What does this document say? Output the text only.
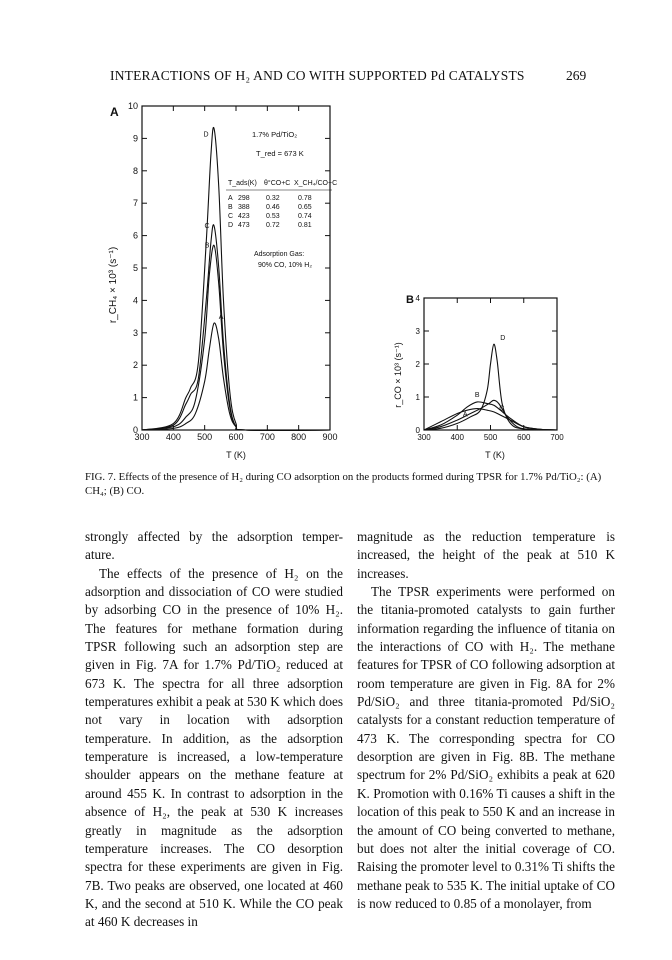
INTERACTIONS OF H₂ AND CO WITH SUPPORTED Pd CATALYSTS	269
A
300 400 500 600 700 800 900
0
1
2
3
4
5
6
7
8
9
10
A
B
C
D
T (K)
r_CH₄ × 10³ (s⁻¹)
1.7% Pd/TiO₂
T_red = 673 K
T_ads(K) θ°CO+C X_CH₄/CO+C
A 298 0.32	0.78
B 388 0.46	0.65
C 423 0.53	0.74
D 473 0.72	0.81
Adsorption Gas:
90% CO, 10% H₂
B
300 400 500 600 700
0
1
2
3
4
A
B
C
D
T (K)
r_CO × 10³ (s⁻¹)
FIG. 7. Effects of the presence of H₂ during CO adsorption on the products formed during TPSR for 1.7% Pd/TiO₂: (A) CH₄; (B) CO.

strongly affected by the adsorption temper- ature.

The effects of the presence of H₂ on the adsorption and dissociation of CO were studied by adsorbing CO in the presence of 10% H₂. The features for methane formation during TPSR following such an adsorption step are given in Fig. 7A for 1.7% Pd/TiO₂ reduced at 673 K. The spectra for all three adsorption temperatures exhibit a peak at 530 K which does not vary in location with adsorption temperature. In addition, as the adsorption temperature is increased, a low-temperature shoulder appears on the methane feature at around 455 K. In contrast to adsorption in the absence of H₂, the peak at 530 K increases greatly in magnitude as the adsorption temperature increases. The CO desorption spectra for these experiments are given in Fig. 7B. Two peaks are observed, one located at 460 K, and the second at 510 K. While the CO peak at 460 K decreases in

magnitude as the reduction temperature is increased, the height of the peak at 510 K increases.

The TPSR experiments were performed on the titania-promoted catalysts to gain further information regarding the influence of titania on the interactions of CO with H₂. The methane features for TPSR of CO following adsorption at room temperature are given in Fig. 8A for 2% Pd/SiO₂ and three titania-promoted Pd/SiO₂ catalysts for a constant reduction temperature of 473 K. The corresponding spectra for CO desorption are given in Fig. 8B. The methane spectrum for 2% Pd/SiO₂ exhibits a peak at 620 K. Promotion with 0.16% Ti causes a shift in the location of this peak to 550 K and an increase in the amount of CO being converted to methane, but does not alter the initial coverage of CO. Raising the promoter level to 0.31% Ti shifts the methane peak to 535 K. The initial uptake of CO is now reduced to 0.85 of a monolayer, from
